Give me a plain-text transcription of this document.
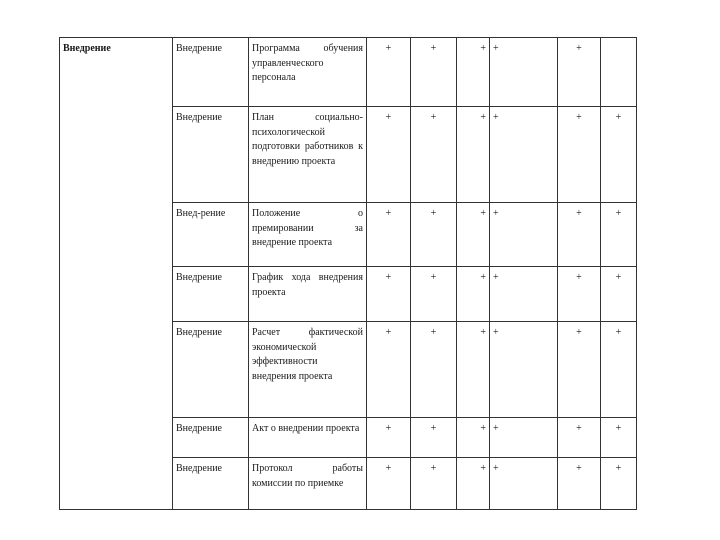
Внедрение	Внедрение	Программа обучения управленческого персонала	+	+	+	+	+	
	Внедрение	План социально-психологической подготовки работников к внедрению проекта	+	+	+	+	+	+
	Внед-рение	Положение о премировании за внедрение проекта	+	+	+	+	+	+
	Внедрение	График хода внедрения проекта	+	+	+	+	+	+
	Внедрение	Расчет фактической экономической эффективности внедрения проекта	+	+	+	+	+	+
	Внедрение	Акт о внедрении проекта	+	+	+	+	+	+
	Внедрение	Протокол работы комиссии по приемке	+	+	+	+	+	+
